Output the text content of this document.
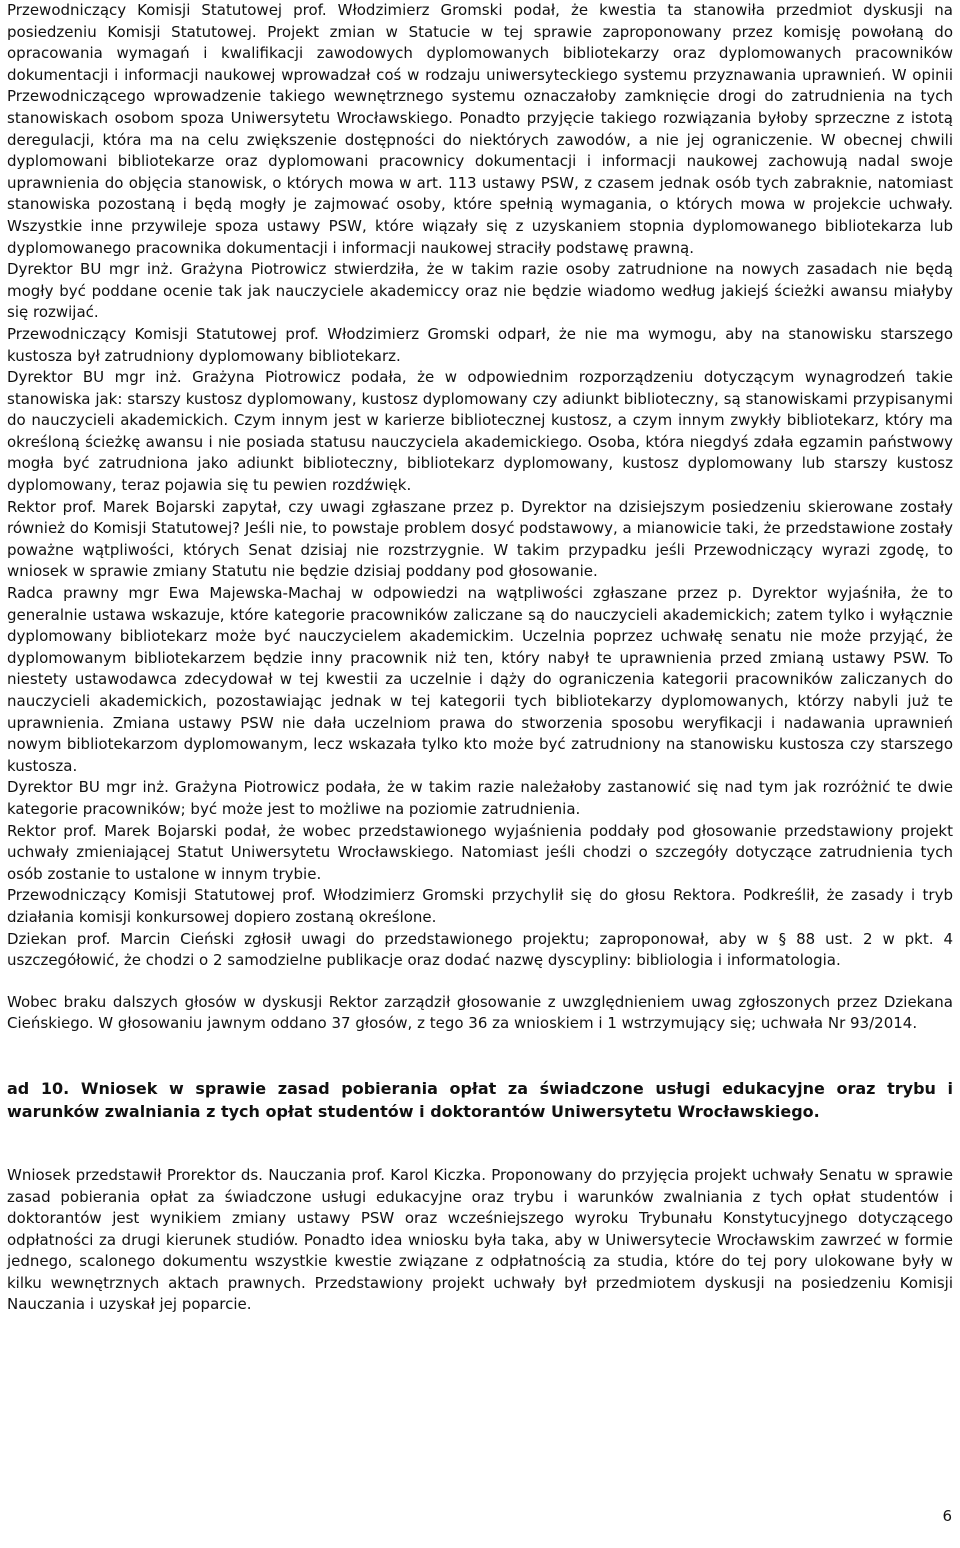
Przewodniczący Komisji Statutowej prof. Włodzimierz Gromski podał, że kwestia ta stanowiła przedmiot dyskusji na posiedzeniu Komisji Statutowej. Projekt zmian w Statucie w tej sprawie zaproponowany przez komisję powołaną do opracowania wymagań i kwalifikacji zawodowych dyplomowanych bibliotekarzy oraz dyplomowanych pracowników dokumentacji i informacji naukowej wprowadzał coś w rodzaju uniwersyteckiego systemu przyznawania uprawnień. W opinii Przewodniczącego wprowadzenie takiego wewnętrznego systemu oznaczałoby zamknięcie drogi do zatrudnienia na tych stanowiskach osobom spoza Uniwersytetu Wrocławskiego. Ponadto przyjęcie takiego rozwiązania byłoby sprzeczne z istotą deregulacji, która ma na celu zwiększenie dostępności do niektórych zawodów, a nie jej ograniczenie. W obecnej chwili dyplomowani bibliotekarze oraz dyplomowani pracownicy dokumentacji i informacji naukowej zachowują nadal swoje uprawnienia do objęcia stanowisk, o których mowa w art. 113 ustawy PSW, z czasem jednak osób tych zabraknie, natomiast stanowiska pozostaną i będą mogły je zajmować osoby, które spełnią wymagania, o których mowa w projekcie uchwały. Wszystkie inne przywileje spoza ustawy PSW, które wiązały się z uzyskaniem stopnia dyplomowanego bibliotekarza lub dyplomowanego pracownika dokumentacji i informacji naukowej straciły podstawę prawną.

Dyrektor BU mgr inż. Grażyna Piotrowicz stwierdziła, że w takim razie osoby zatrudnione na nowych zasadach nie będą mogły być poddane ocenie tak jak nauczyciele akademiccy oraz nie będzie wiadomo według jakiejś ścieżki awansu miałyby się rozwijać.

Przewodniczący Komisji Statutowej prof. Włodzimierz Gromski odparł, że nie ma wymogu, aby na stanowisku starszego kustosza był zatrudniony dyplomowany bibliotekarz.

Dyrektor BU mgr inż. Grażyna Piotrowicz podała, że w odpowiednim rozporządzeniu dotyczącym wynagrodzeń takie stanowiska jak: starszy kustosz dyplomowany, kustosz dyplomowany czy adiunkt biblioteczny, są stanowiskami przypisanymi do nauczycieli akademickich. Czym innym jest w karierze bibliotecznej kustosz, a czym innym zwykły bibliotekarz, który ma określoną ścieżkę awansu i nie posiada statusu nauczyciela akademickiego. Osoba, która niegdyś zdała egzamin państwowy mogła być zatrudniona jako adiunkt biblioteczny, bibliotekarz dyplomowany, kustosz dyplomowany lub starszy kustosz dyplomowany, teraz pojawia się tu pewien rozdźwięk.

Rektor prof. Marek Bojarski zapytał, czy uwagi zgłaszane przez p. Dyrektor na dzisiejszym posiedzeniu skierowane zostały również do Komisji Statutowej? Jeśli nie, to powstaje problem dosyć podstawowy, a mianowicie taki, że przedstawione zostały poważne wątpliwości, których Senat dzisiaj nie rozstrzygnie. W takim przypadku jeśli Przewodniczący wyrazi zgodę, to wniosek w sprawie zmiany Statutu nie będzie dzisiaj poddany pod głosowanie.

Radca prawny mgr Ewa Majewska-Machaj w odpowiedzi na wątpliwości zgłaszane przez p. Dyrektor wyjaśniła, że to generalnie ustawa wskazuje, które kategorie pracowników zaliczane są do nauczycieli akademickich; zatem tylko i wyłącznie dyplomowany bibliotekarz może być nauczycielem akademickim. Uczelnia poprzez uchwałę senatu nie może przyjąć, że dyplomowanym bibliotekarzem będzie inny pracownik niż ten, który nabył te uprawnienia przed zmianą ustawy PSW. To niestety ustawodawca zdecydował w tej kwestii za uczelnie i dąży do ograniczenia kategorii pracowników zaliczanych do nauczycieli akademickich, pozostawiając jednak w tej kategorii tych bibliotekarzy dyplomowanych, którzy nabyli już te uprawnienia. Zmiana ustawy PSW nie dała uczelniom prawa do stworzenia sposobu weryfikacji i nadawania uprawnień nowym bibliotekarzom dyplomowanym, lecz wskazała tylko kto może być zatrudniony na stanowisku kustosza czy starszego kustosza.

Dyrektor BU mgr inż. Grażyna Piotrowicz podała, że w takim razie należałoby zastanowić się nad tym jak rozróżnić te dwie kategorie pracowników; być może jest to możliwe na poziomie zatrudnienia.

Rektor prof. Marek Bojarski podał, że wobec przedstawionego wyjaśnienia poddały pod głosowanie przedstawiony projekt uchwały zmieniającej Statut Uniwersytetu Wrocławskiego. Natomiast jeśli chodzi o szczegóły dotyczące zatrudnienia tych osób zostanie to ustalone w innym trybie.

Przewodniczący Komisji Statutowej prof. Włodzimierz Gromski przychylił się do głosu Rektora. Podkreślił, że zasady i tryb działania komisji konkursowej dopiero zostaną określone.

Dziekan prof. Marcin Cieński zgłosił uwagi do przedstawionego projektu; zaproponował, aby w § 88 ust. 2 w pkt. 4 uszczegółowić, że chodzi o 2 samodzielne publikacje oraz dodać nazwę dyscypliny: bibliologia i informatologia.

Wobec braku dalszych głosów w dyskusji Rektor zarządził głosowanie z uwzględnieniem uwag zgłoszonych przez Dziekana Cieńskiego. W głosowaniu jawnym oddano 37 głosów, z tego 36 za wnioskiem i 1 wstrzymujący się; uchwała Nr 93/2014.

ad 10. Wniosek w sprawie zasad pobierania opłat za świadczone usługi edukacyjne oraz trybu i warunków zwalniania z tych opłat studentów i doktorantów Uniwersytetu Wrocławskiego.

Wniosek przedstawił Prorektor ds. Nauczania prof. Karol Kiczka. Proponowany do przyjęcia projekt uchwały Senatu w sprawie zasad pobierania opłat za świadczone usługi edukacyjne oraz trybu i warunków zwalniania z tych opłat studentów i doktorantów jest wynikiem zmiany ustawy PSW oraz wcześniejszego wyroku Trybunału Konstytucyjnego dotyczącego odpłatności za drugi kierunek studiów. Ponadto idea wniosku była taka, aby w Uniwersytecie Wrocławskim zawrzeć w formie jednego, scalonego dokumentu wszystkie kwestie związane z odpłatnością za studia, które do tej pory ulokowane były w kilku wewnętrznych aktach prawnych. Przedstawiony projekt uchwały był przedmiotem dyskusji na posiedzeniu Komisji Nauczania i uzyskał jej poparcie.

6
